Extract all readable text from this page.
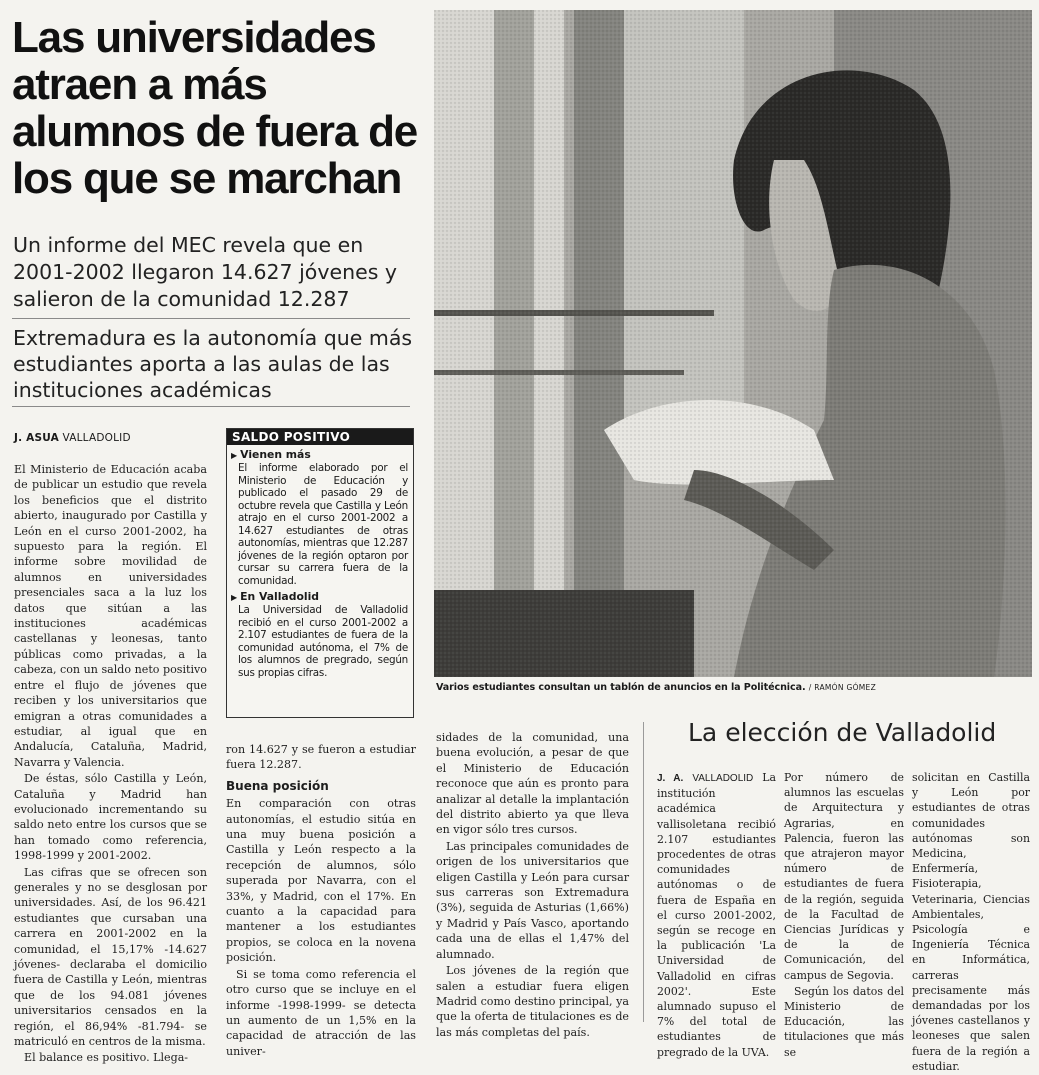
Las universidades
atraen a más
alumnos de fuera de
los que se marchan
Un informe del MEC revela que en 2001-2002 llegaron 14.627 jóvenes y salieron de la comunidad 12.287
Extremadura es la autonomía que más estudiantes aporta a las aulas de las instituciones académicas
J. ASUA VALLADOLID

El Ministerio de Educación acaba de publicar un estudio que revela los beneficios que el distrito abierto, inaugurado por Castilla y León en el curso 2001-2002, ha supuesto para la región. El informe sobre movilidad de alumnos en universidades presenciales saca a la luz los datos que sitúan a las instituciones académicas castellanas y leonesas, tanto públicas como privadas, a la cabeza, con un saldo neto positivo entre el flujo de jóvenes que reciben y los universitarios que emigran a otras comunidades a estudiar, al igual que en Andalucía, Cataluña, Madrid, Navarra y Valencia.

De éstas, sólo Castilla y León, Cataluña y Madrid han evolucionado incrementando su saldo neto entre los cursos que se han tomado como referencia, 1998-1999 y 2001-2002.

Las cifras que se ofrecen son generales y no se desglosan por universidades. Así, de los 96.421 estudiantes que cursaban una carrera en 2001-2002 en la comunidad, el 15,17% -14.627 jóvenes- declaraba el domicilio fuera de Castilla y León, mientras que de los 94.081 jóvenes universitarios censados en la región, el 86,94% -81.794- se matriculó en centros de la misma.

El balance es positivo. Llega-

SALDO POSITIVO
▶ Vienen más
El informe elaborado por el Ministerio de Educación y publicado el pasado 29 de octubre revela que Castilla y León atrajo en el curso 2001-2002 a 14.627 estudiantes de otras autonomías, mientras que 12.287 jóvenes de la región optaron por cursar su carrera fuera de la comunidad.
▶ En Valladolid
La Universidad de Valladolid recibió en el curso 2001-2002 a 2.107 estudiantes de fuera de la comunidad autónoma, el 7% de los alumnos de pregrado, según sus propias cifras.

ron 14.627 y se fueron a estudiar fuera 12.287.

Buena posición

En comparación con otras autonomías, el estudio sitúa en una muy buena posición a Castilla y León respecto a la recepción de alumnos, sólo superada por Navarra, con el 33%, y Madrid, con el 17%. En cuanto a la capacidad para mantener a los estudiantes propios, se coloca en la novena posición.

Si se toma como referencia el otro curso que se incluye en el informe -1998-1999- se detecta un aumento de un 1,5% en la capacidad de atracción de las univer-

Varios estudiantes consultan un tablón de anuncios en la Politécnica. / RAMÓN GÓMEZ

sidades de la comunidad, una buena evolución, a pesar de que el Ministerio de Educación reconoce que aún es pronto para analizar al detalle la implantación del distrito abierto ya que lleva en vigor sólo tres cursos.

Las principales comunidades de origen de los universitarios que eligen Castilla y León para cursar sus carreras son Extremadura (3%), seguida de Asturias (1,66%) y Madrid y País Vasco, aportando cada una de ellas el 1,47% del alumnado.

Los jóvenes de la región que salen a estudiar fuera eligen Madrid como destino principal, ya que la oferta de titulaciones es de las más completas del país.

La elección de Valladolid

J. A. VALLADOLID La institución académica vallisoletana recibió 2.107 estudiantes procedentes de otras comunidades autónomas o de fuera de España en el curso 2001-2002, según se recoge en la publicación 'La Universidad de Valladolid en cifras 2002'. Este alumnado supuso el 7% del total de estudiantes de pregrado de la UVA.

Por número de alumnos las escuelas de Arquitectura y Agrarias, en Palencia, fueron las que atrajeron mayor número de estudiantes de fuera de la región, seguida de la Facultad de Ciencias Jurídicas y de la de Comunicación, del campus de Segovia.

Según los datos del Ministerio de Educación, las titulaciones que más se

solicitan en Castilla y León por estudiantes de otras comunidades autónomas son Medicina, Enfermería, Fisioterapia, Veterinaria, Ciencias Ambientales, Psicología e Ingeniería Técnica en Informática, carreras precisamente más demandadas por los jóvenes castellanos y leoneses que salen fuera de la región a estudiar.
